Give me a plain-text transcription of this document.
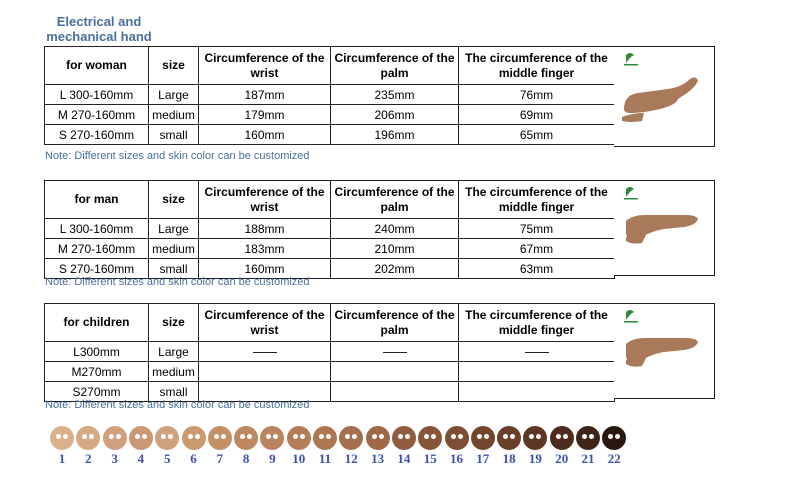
Electrical and
mechanical hand
for woman	size	Circumference of the
wrist	Circumference of the
palm	The circumference of the
middle finger
L 300-160mm	Large	187mm	235mm	76mm
M 270-160mm	medium	179mm	206mm	69mm
S 270-160mm	small	160mm	196mm	65mm
Note: Different sizes and skin color can be customized
for man	size	Circumference of the
wrist	Circumference of the
palm	The circumference of the
middle finger
L 300-160mm	Large	188mm	240mm	75mm
M 270-160mm	medium	183mm	210mm	67mm
S 270-160mm	small	160mm	202mm	63mm
Note: Different sizes and skin color can be customized
for children	size	Circumference of the
wrist	Circumference of the
palm	The circumference of the
middle finger
L300mm	Large			
M270mm	medium			
S270mm	small			
Note: Different sizes and skin color can be customized
1	2	3	4	5	6	7	8	9	10 11 12 13 14 15 16 17 18 19 20 21 22
